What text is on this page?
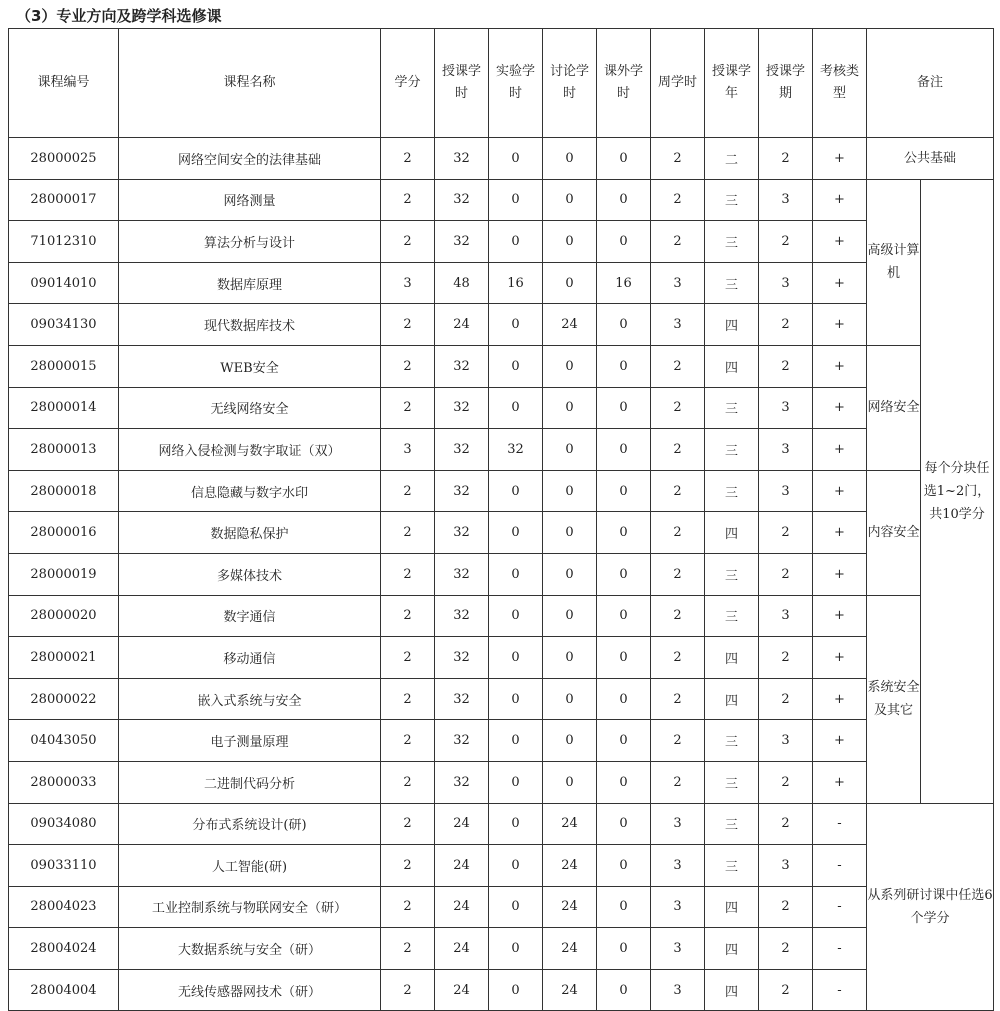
（3）专业方向及跨学科选修课
课程编号	课程名称	学分	授课学时	实验学时	讨论学时	课外学时	周学时	授课学年	授课学期	考核类型	备注	
28000025	网络空间安全的法律基础	2	32	0	0	0	2	二	2	+	公共基础	
28000017	网络测量	2	32	0	0	0	2	三	3	+	高级计算机	每个分块任选1~2门，共10学分
71012310	算法分析与设计	2	32	0	0	0	2	三	2	+		
09014010	数据库原理	3	48	16	0	16	3	三	3	+		
09034130	现代数据库技术	2	24	0	24	0	3	四	2	+		
28000015	WEB安全	2	32	0	0	0	2	四	2	+	网络安全	
28000014	无线网络安全	2	32	0	0	0	2	三	3	+		
28000013	网络入侵检测与数字取证（双）	3	32	32	0	0	2	三	3	+		
28000018	信息隐藏与数字水印	2	32	0	0	0	2	三	3	+	内容安全	
28000016	数据隐私保护	2	32	0	0	0	2	四	2	+		
28000019	多媒体技术	2	32	0	0	0	2	三	2	+		
28000020	数字通信	2	32	0	0	0	2	三	3	+	系统安全及其它	
28000021	移动通信	2	32	0	0	0	2	四	2	+		
28000022	嵌入式系统与安全	2	32	0	0	0	2	四	2	+		
04043050	电子测量原理	2	32	0	0	0	2	三	3	+		
28000033	二进制代码分析	2	32	0	0	0	2	三	2	+		
09034080	分布式系统设计(研)	2	24	0	24	0	3	三	2	-	从系列研讨课中任选6个学分	
09033110	人工智能(研)	2	24	0	24	0	3	三	3	-		
28004023	工业控制系统与物联网安全（研）	2	24	0	24	0	3	四	2	-		
28004024	大数据系统与安全（研）	2	24	0	24	0	3	四	2	-		
28004004	无线传感器网技术（研）	2	24	0	24	0	3	四	2	-		
